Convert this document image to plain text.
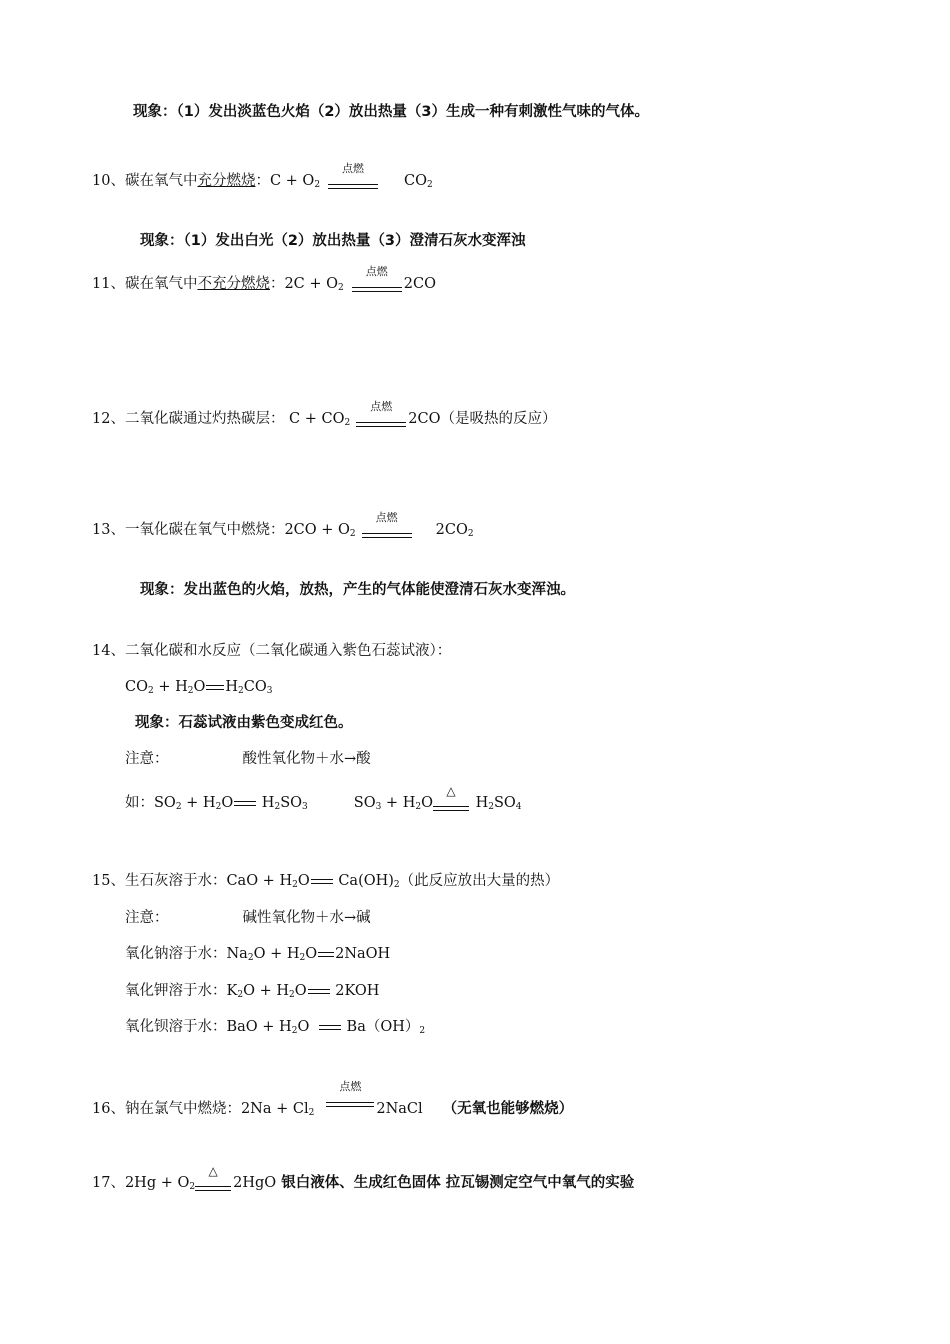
现象：（1）发出淡蓝色火焰（2）放出热量（3）生成一种有刺激性气味的气体。
10、碳在氧气中充分燃烧：$C + O_2$
点燃
$CO_2$
现象：（1）发出白光（2）放出热量（3）澄清石灰水变浑浊
11、碳在氧气中不充分燃烧：$2C + O_2$
点燃
2CO
12、二氧化碳通过灼热碳层： $C + CO_2$
点燃
2CO（是吸热的反应）
13、一氧化碳在氧气中燃烧：$2CO + O_2$
点燃
$2CO_2$
现象：发出蓝色的火焰，放热，产生的气体能使澄清石灰水变浑浊。
14、二氧化碳和水反应（二氧化碳通入紫色石蕊试液）：
$CO_2 + H_2O$ $H_2CO_3$
现象：石蕊试液由紫色变成红色。
注意：	酸性氧化物＋水→酸
如：$SO_2 + H_2O$ $H_2SO_3$	$SO_3 + H_2O$
△
$H_2SO_4$
15、生石灰溶于水：CaO + $H_2O$ $Ca(OH)_2$（此反应放出大量的热）
注意：	碱性氧化物＋水→碱
氧化钠溶于水：$Na_2O + H_2O$ 2NaOH
氧化钾溶于水：$K_2O + H_2O$ 2KOH
氧化钡溶于水：BaO + $H_2O$  $Ba(OH)_2$
16、钠在氯气中燃烧：$2Na + Cl_2$
点燃
2NaCl （无氧也能够燃烧）
17、$2Hg + O_2$
△
2HgO 银白液体、生成红色固体 拉瓦锡测定空气中氧气的实验
